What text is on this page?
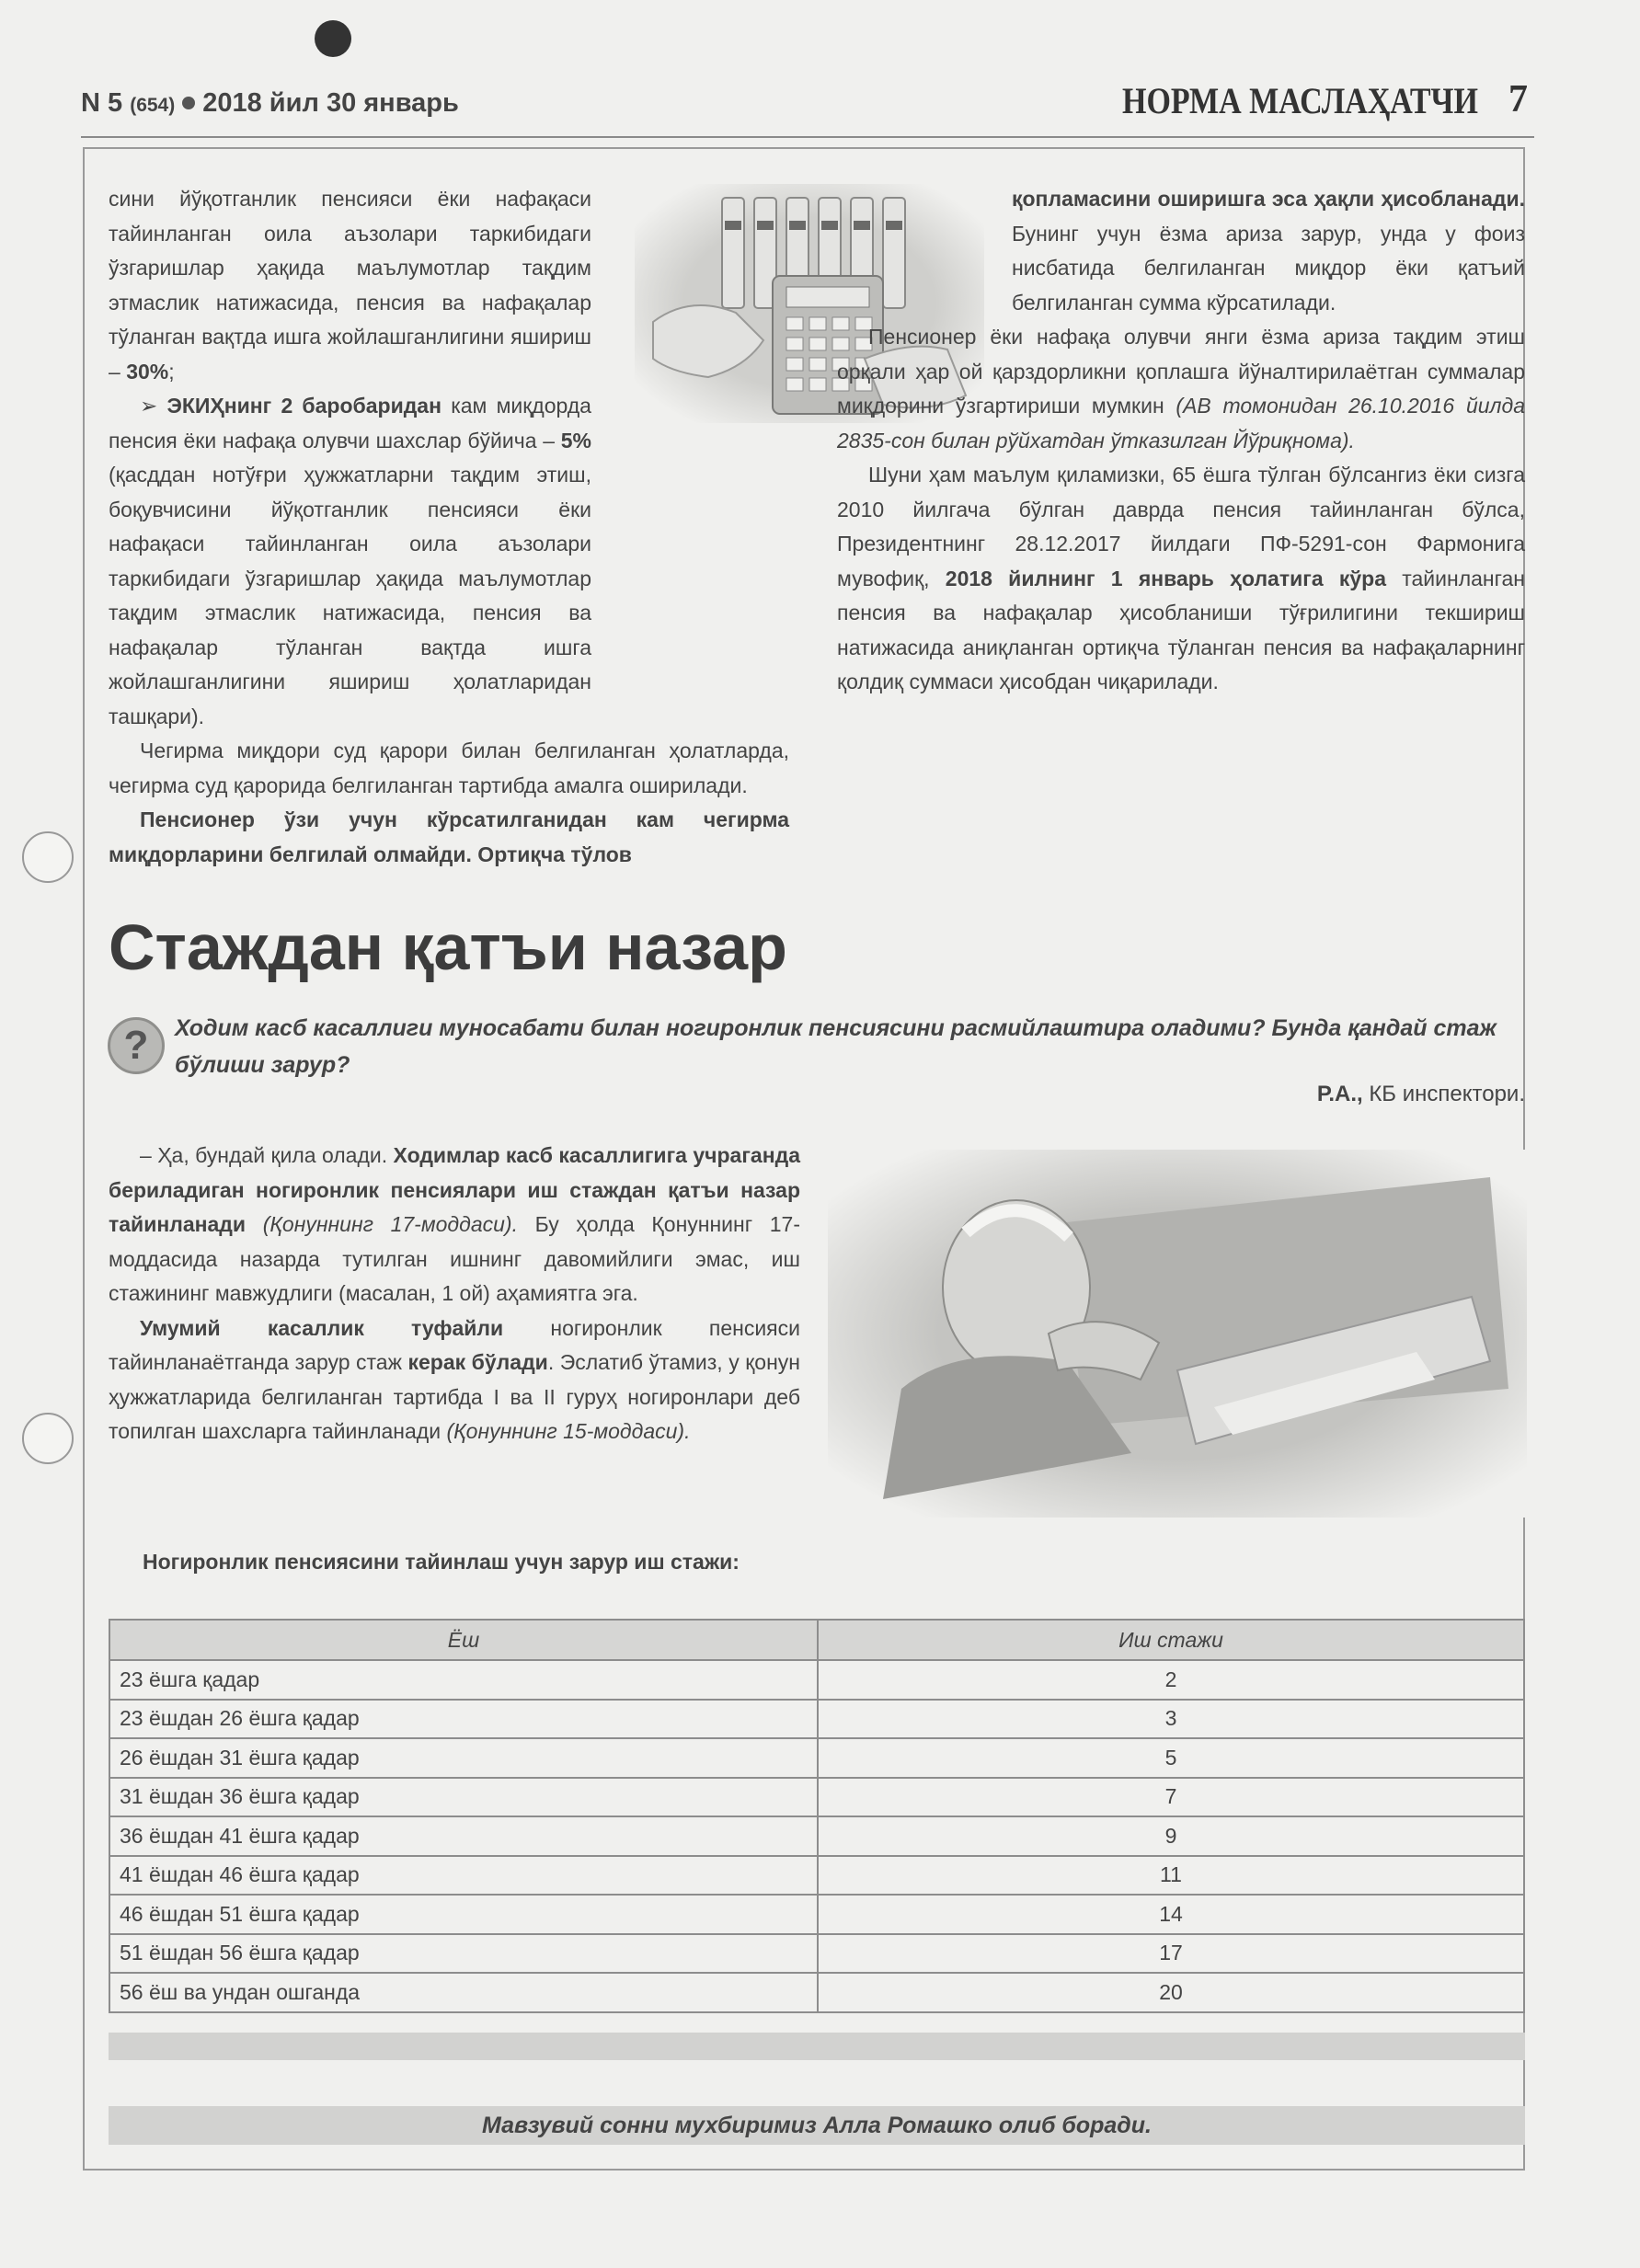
N 5 (654) 2018 йил 30 январь	НОРМА МАСЛАҲАТЧИ 7

сини йўқотганлик пенсияси ёки нафақаси тайинланган оила аъзолари таркибидаги ўзгаришлар ҳақида маълумотлар тақдим этмаслик натижасида, пенсия ва нафақалар тўланган вақтда ишга жойлашганлигини яшириш – 30%;

➢ ЭКИҲнинг 2 баробаридан кам миқдорда пенсия ёки нафақа олувчи шахслар бўйича – 5% (қасддан нотўғри ҳужжатларни тақдим этиш, боқувчисини йўқотганлик пенсияси ёки нафақаси тайинланган оила аъзолари таркибидаги ўзгаришлар ҳақида маълумотлар тақдим этмаслик натижасида, пенсия ва нафақалар тўланган вақтда ишга жойлашганлигини яшириш ҳолатларидан ташқари).

Чегирма миқдори суд қарори билан белгиланган ҳолатларда, чегирма суд қарорида белгиланган тартибда амалга оширилади.

Пенсионер ўзи учун кўрсатилганидан кам чегирма миқдорларини белгилай олмайди. Ортиқча тўлов

қопламасини оширишга эса ҳақли ҳисобланади. Бунинг учун ёзма ариза зарур, унда у фоиз нисбатида белгиланган миқдор ёки қатъий белгиланган сумма кўрсатилади.

Пенсионер ёки нафақа олувчи янги ёзма ариза тақдим этиш орқали ҳар ой қарздорликни қоплашга йўналтирилаётган суммалар миқдорини ўзгартириши мумкин (АВ томонидан 26.10.2016 йилда 2835-сон билан рўйхатдан ўтказилган Йўриқнома).

Шуни ҳам маълум қиламизки, 65 ёшга тўлган бўлсангиз ёки сизга 2010 йилгача бўлган даврда пенсия тайинланган бўлса, Президентнинг 28.12.2017 йилдаги ПФ-5291-сон Фармонига мувофиқ, 2018 йилнинг 1 январь ҳолатига кўра тайинланган пенсия ва нафақалар ҳисобланиши тўғрилигини текшириш натижасида аниқланган ортиқча тўланган пенсия ва нафақаларнинг қолдиқ суммаси ҳисобдан чиқарилади.

Стаждан қатъи назар
?	Ходим касб касаллиги муносабати билан ногиронлик пенсиясини расмийлаштира оладими? Бунда қандай стаж бўлиши зарур?
Р.А., КБ инспектори.

– Ҳа, бундай қила олади. Ходимлар касб касаллигига учраганда бериладиган ногиронлик пенсиялари иш стаждан қатъи назар тайинланади (Қонуннинг 17-моддаси). Бу ҳолда Қонуннинг 17-моддасида назарда тутилган ишнинг давомийлиги эмас, иш стажининг мавжудлиги (масалан, 1 ой) аҳамиятга эга.

Умумий касаллик туфайли ногиронлик пенсияси тайинланаётганда зарур стаж керак бўлади. Эслатиб ўтамиз, у қонун ҳужжатларида белгиланган тартибда I ва II гуруҳ ногиронлари деб топилган шахсларга тайинланади (Қонуннинг 15-моддаси).

Ногиронлик пенсиясини тайинлаш учун зарур иш стажи:
Ёш	Иш стажи
23 ёшга қадар	2
23 ёшдан 26 ёшга қадар	3
26 ёшдан 31 ёшга қадар	5
31 ёшдан 36 ёшга қадар	7
36 ёшдан 41 ёшга қадар	9
41 ёшдан 46 ёшга қадар	11
46 ёшдан 51 ёшга қадар	14
51 ёшдан 56 ёшга қадар	17
56 ёш ва ундан ошганда	20
Мавзувий сонни мухбиримиз Алла Ромашко олиб боради.
